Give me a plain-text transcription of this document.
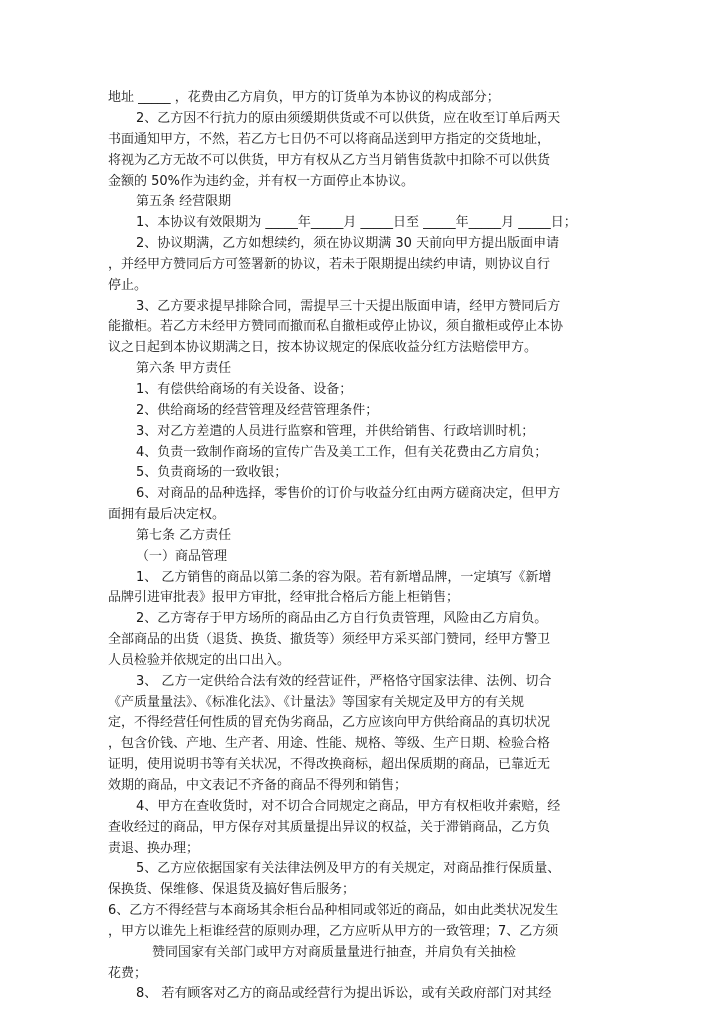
地址 _____ ，花费由乙方肩负，甲方的订货单为本协议的构成部分；
2、乙方因不行抗力的原由须缓期供货或不可以供货，应在收至订单后两天
书面通知甲方，不然，若乙方七日仍不可以将商品送到甲方指定的交货地址，
将视为乙方无故不可以供货，甲方有权从乙方当月销售货款中扣除不可以供货
金额的 50%作为违约金，并有权一方面停止本协议。
第五条 经营限期
1、本协议有效限期为 _____年_____月 _____日至 _____年_____月 _____日；
2、协议期满，乙方如想续约，须在协议期满 30 天前向甲方提出版面申请
，并经甲方赞同后方可签署新的协议，若未于限期提出续约申请，则协议自行
停止。
3、乙方要求提早排除合同，需提早三十天提出版面申请，经甲方赞同后方
能撤柜。若乙方未经甲方赞同而撤而私自撤柜或停止协议，须自撤柜或停止本协
议之日起到本协议期满之日，按本协议规定的保底收益分红方法赔偿甲方。
第六条 甲方责任
1、有偿供给商场的有关设备、设备；
2、供给商场的经营管理及经营管理条件；
3、对乙方差遣的人员进行监察和管理，并供给销售、行政培训时机；
4、负责一致制作商场的宣传广告及美工工作，但有关花费由乙方肩负；
5、负责商场的一致收银；
6、对商品的品种选择，零售价的订价与收益分红由两方磋商决定，但甲方
面拥有最后决定权。
第七条 乙方责任
（一）商品管理
1、 乙方销售的商品以第二条的容为限。若有新增品牌，一定填写《新增
品牌引进审批表》报甲方审批，经审批合格后方能上柜销售；
2、乙方寄存于甲方场所的商品由乙方自行负责管理，风险由乙方肩负。
全部商品的出货（退货、换货、撤货等）须经甲方采买部门赞同，经甲方警卫
人员检验并依规定的出口出入。
3、 乙方一定供给合法有效的经营证件，严格恪守国家法律、法例、切合
《产质量量法》、《标准化法》、《计量法》等国家有关规定及甲方的有关规
定，不得经营任何性质的冒充伪劣商品，乙方应该向甲方供给商品的真切状况
，包含价钱、产地、生产者、用途、性能、规格、等级、生产日期、检验合格
证明，使用说明书等有关状况，不得改换商标，超出保质期的商品，已靠近无
效期的商品，中文表记不齐备的商品不得列和销售；
4、甲方在查收货时，对不切合合同规定之商品，甲方有权柜收并索赔，经
查收经过的商品，甲方保存对其质量提出异议的权益，关于滞销商品，乙方负
责退、换办理；
5、乙方应依据国家有关法律法例及甲方的有关规定，对商品推行保质量、
保换货、保维修、保退货及搞好售后服务；
6、乙方不得经营与本商场其余柜台品种相同或邻近的商品，如由此类状况发生
，甲方以谁先上柜谁经营的原则办理，乙方应听从甲方的一致管理；7、乙方须
赞同国家有关部门或甲方对商质量量进行抽查，并肩负有关抽检
花费；
8、 若有顾客对乙方的商品或经营行为提出诉讼，或有关政府部门对其经
